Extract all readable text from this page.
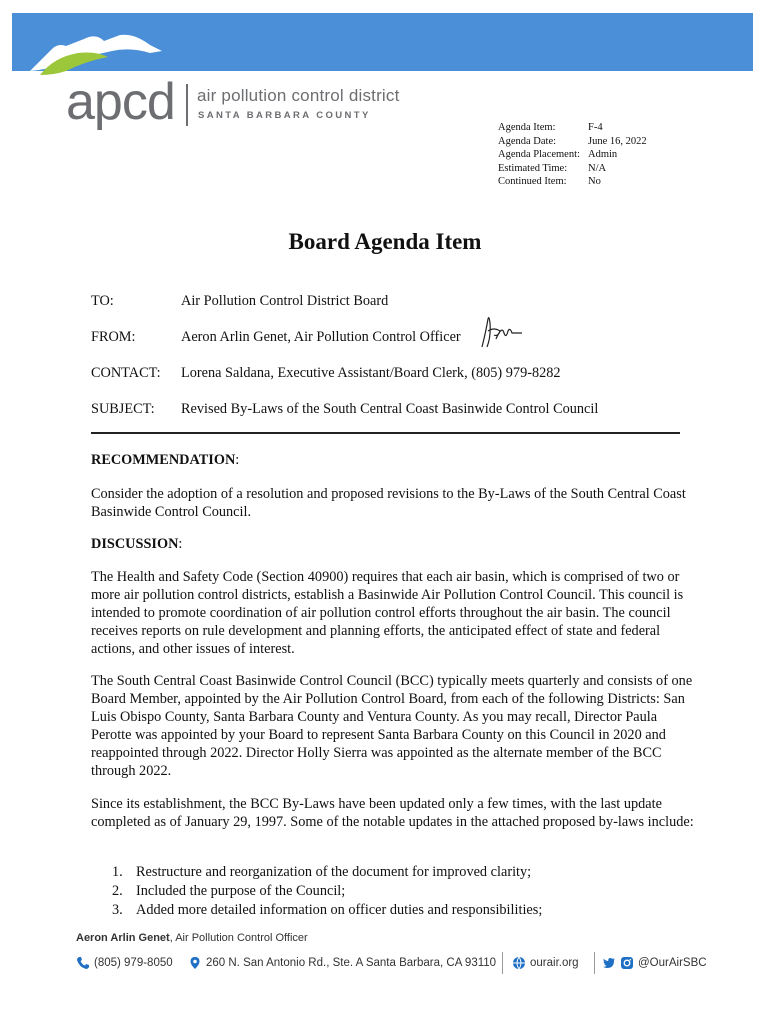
apcd air pollution control district
SANTA BARBARA COUNTY
Agenda Item:	F-4
Agenda Date:	June 16, 2022
Agenda Placement: Admin
Estimated Time:	N/A
Continued Item:	No
Board Agenda Item
TO:	Air Pollution Control District Board
FROM:	Aeron Arlin Genet, Air Pollution Control Officer
CONTACT: Lorena Saldana, Executive Assistant/Board Clerk, (805) 979-8282
SUBJECT: Revised By-Laws of the South Central Coast Basinwide Control Council
RECOMMENDATION:
Consider the adoption of a resolution and proposed revisions to the By-Laws of the South Central Coast Basinwide Control Council.
DISCUSSION:
The Health and Safety Code (Section 40900) requires that each air basin, which is comprised of two or more air pollution control districts, establish a Basinwide Air Pollution Control Council. This council is intended to promote coordination of air pollution control efforts throughout the air basin. The council receives reports on rule development and planning efforts, the anticipated effect of state and federal actions, and other issues of interest.
The South Central Coast Basinwide Control Council (BCC) typically meets quarterly and consists of one Board Member, appointed by the Air Pollution Control Board, from each of the following Districts: San Luis Obispo County, Santa Barbara County and Ventura County. As you may recall, Director Paula Perotte was appointed by your Board to represent Santa Barbara County on this Council in 2020 and reappointed through 2022. Director Holly Sierra was appointed as the alternate member of the BCC through 2022.
Since its establishment, the BCC By-Laws have been updated only a few times, with the last update completed as of January 29, 1997. Some of the notable updates in the attached proposed by-laws include:
1. Restructure and reorganization of the document for improved clarity;
2. Included the purpose of the Council;
3. Added more detailed information on officer duties and responsibilities;
Aeron Arlin Genet, Air Pollution Control Officer
(805) 979-8050	260 N. San Antonio Rd., Ste. A Santa Barbara, CA 93110	ourair.org	@OurAirSBC
